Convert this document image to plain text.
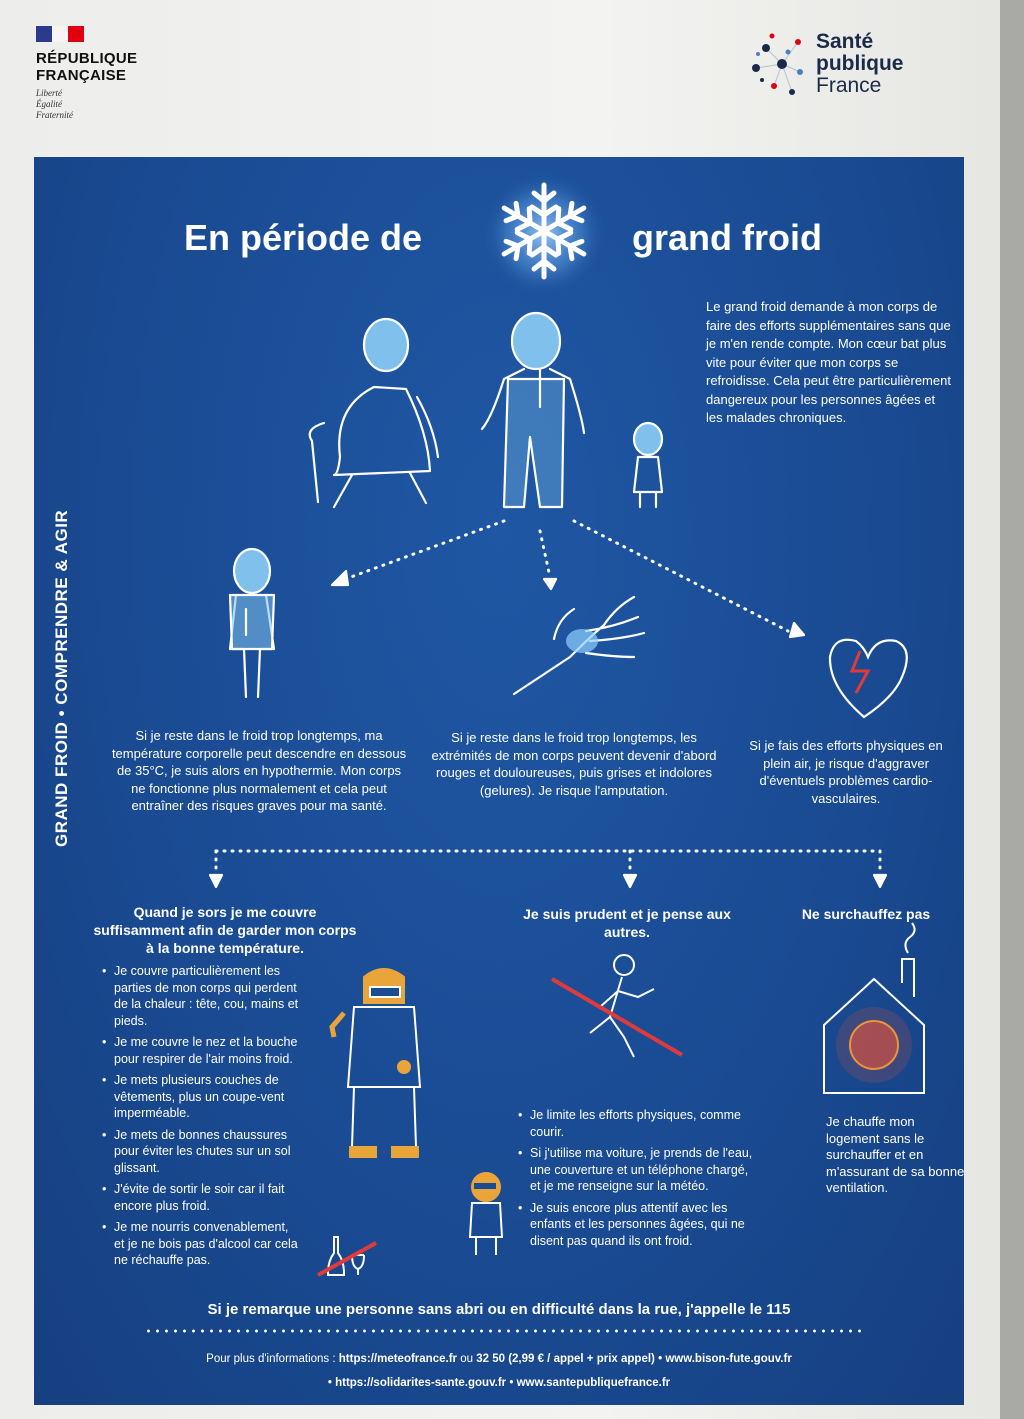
RÉPUBLIQUE
FRANÇAISE
Liberté
Égalité
Fraternité
Santé
publique
France
GRAND FROID • COMPRENDRE & AGIR
En période de	grand froid
Le grand froid demande à mon corps de faire des efforts supplémentaires sans que je m'en rende compte. Mon cœur bat plus vite pour éviter que mon corps se refroidisse. Cela peut être particulièrement dangereux pour les personnes âgées et les malades chroniques.
Si je reste dans le froid trop longtemps, ma température corporelle peut descendre en dessous de 35°C, je suis alors en hypothermie. Mon corps ne fonctionne plus normalement et cela peut entraîner des risques graves pour ma santé.
Si je reste dans le froid trop longtemps, les extrémités de mon corps peuvent devenir d'abord rouges et douloureuses, puis grises et indolores (gelures). Je risque l'amputation.
Si je fais des efforts physiques en plein air, je risque d'aggraver d'éventuels problèmes cardio-vasculaires.
Quand je sors je me couvre suffisamment afin de garder mon corps à la bonne température.
Je suis prudent et je pense aux autres.
Ne surchauffez pas
• Je couvre particulièrement les parties de mon corps qui perdent de la chaleur : tête, cou, mains et pieds.
• Je me couvre le nez et la bouche pour respirer de l'air moins froid.
• Je mets plusieurs couches de vêtements, plus un coupe-vent imperméable.
• Je mets de bonnes chaussures pour éviter les chutes sur un sol glissant.
• J'évite de sortir le soir car il fait encore plus froid.
• Je me nourris convenablement, et je ne bois pas d'alcool car cela ne réchauffe pas.
• Je limite les efforts physiques, comme courir.
• Si j'utilise ma voiture, je prends de l'eau, une couverture et un téléphone chargé, et je me renseigne sur la météo.
• Je suis encore plus attentif avec les enfants et les personnes âgées, qui ne disent pas quand ils ont froid.
Je chauffe mon logement sans le surchauffer et en m'assurant de sa bonne ventilation.
Si je remarque une personne sans abri ou en difficulté dans la rue, j'appelle le 115
Pour plus d'informations : https://meteofrance.fr ou 32 50 (2,99 € / appel + prix appel) • www.bison-fute.gouv.fr
• https://solidarites-sante.gouv.fr • www.santepubliquefrance.fr
